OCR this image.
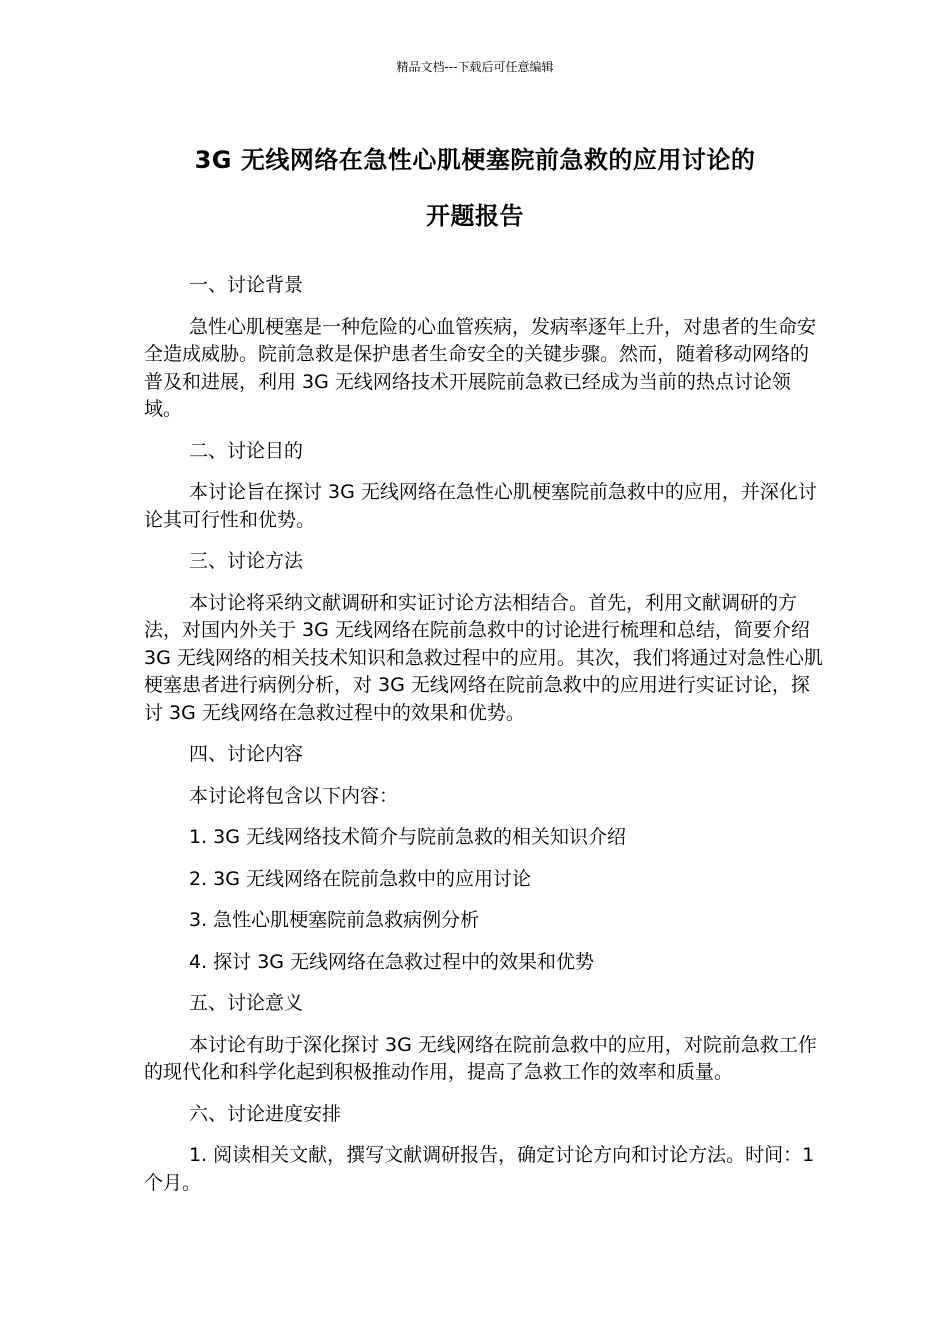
精品文档---下载后可任意编辑
3G 无线网络在急性心肌梗塞院前急救的应用讨论的
开题报告
一、讨论背景
急性心肌梗塞是一种危险的心血管疾病，发病率逐年上升，对患者的生命安全造成威胁。院前急救是保护患者生命安全的关键步骤。然而，随着移动网络的普及和进展，利用 3G 无线网络技术开展院前急救已经成为当前的热点讨论领域。
二、讨论目的
本讨论旨在探讨 3G 无线网络在急性心肌梗塞院前急救中的应用，并深化讨论其可行性和优势。
三、讨论方法
本讨论将采纳文献调研和实证讨论方法相结合。首先，利用文献调研的方法，对国内外关于 3G 无线网络在院前急救中的讨论进行梳理和总结，简要介绍 3G 无线网络的相关技术知识和急救过程中的应用。其次，我们将通过对急性心肌梗塞患者进行病例分析，对 3G 无线网络在院前急救中的应用进行实证讨论，探讨 3G 无线网络在急救过程中的效果和优势。
四、讨论内容
本讨论将包含以下内容：
1. 3G 无线网络技术简介与院前急救的相关知识介绍
2. 3G 无线网络在院前急救中的应用讨论
3. 急性心肌梗塞院前急救病例分析
4. 探讨 3G 无线网络在急救过程中的效果和优势
五、讨论意义
本讨论有助于深化探讨 3G 无线网络在院前急救中的应用，对院前急救工作的现代化和科学化起到积极推动作用，提高了急救工作的效率和质量。
六、讨论进度安排
1. 阅读相关文献，撰写文献调研报告，确定讨论方向和讨论方法。时间：1 个月。
